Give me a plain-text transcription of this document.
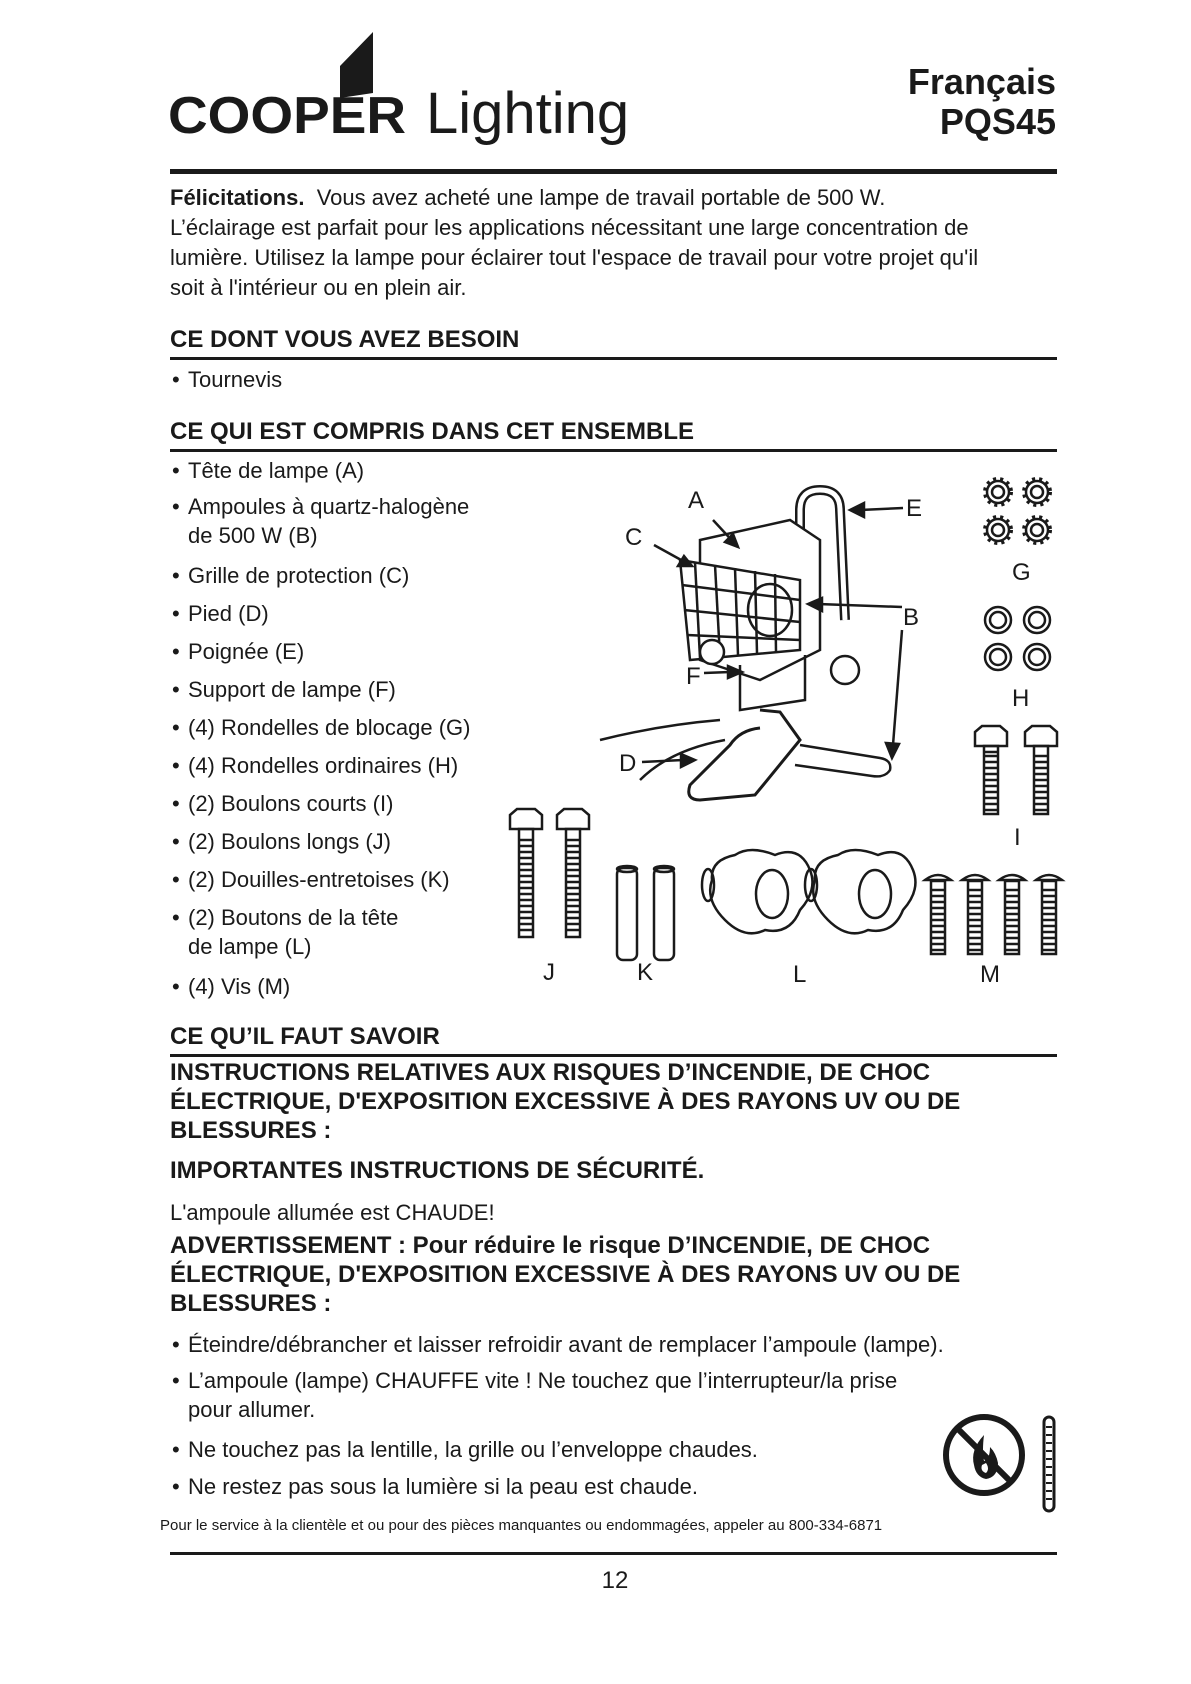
COOPER Lighting	Français
PQS45
Félicitations. Vous avez acheté une lampe de travail portable de 500 W.
L’éclairage est parfait pour les applications nécessitant une large concentration de
lumière. Utilisez la lampe pour éclairer tout l'espace de travail pour votre projet qu'il
soit à l'intérieur ou en plein air.
CE DONT VOUS AVEZ BESOIN
• Tournevis
CE QUI EST COMPRIS DANS CET ENSEMBLE
• Tête de lampe (A)
• Ampoules à quartz-halogène
de 500 W (B)
• Grille de protection (C)
• Pied (D)
• Poignée (E)
• Support de lampe (F)
• (4) Rondelles de blocage (G)
• (4) Rondelles ordinaires (H)
• (2) Boulons courts (I)
• (2) Boulons longs (J)
• (2) Douilles-entretoises (K)
• (2) Boutons de la tête
de lampe (L)
• (4) Vis (M)
A
C
E
B
F
D
G
H
I
J	K	L	M
CE QU’IL FAUT SAVOIR
INSTRUCTIONS RELATIVES AUX RISQUES D’INCENDIE, DE CHOC
ÉLECTRIQUE, D'EXPOSITION EXCESSIVE À DES RAYONS UV OU DE
BLESSURES :
IMPORTANTES INSTRUCTIONS DE SÉCURITÉ.
L'ampoule allumée est CHAUDE!
ADVERTISSEMENT : Pour réduire le risque D’INCENDIE, DE CHOC
ÉLECTRIQUE, D'EXPOSITION EXCESSIVE À DES RAYONS UV OU DE
BLESSURES :
• Éteindre/débrancher et laisser refroidir avant de remplacer l’ampoule (lampe).
• L’ampoule (lampe) CHAUFFE vite ! Ne touchez que l’interrupteur/la prise
pour allumer.
• Ne touchez pas la lentille, la grille ou l’enveloppe chaudes.
• Ne restez pas sous la lumière si la peau est chaude.
Pour le service à la clientèle et ou pour des pièces manquantes ou endommagées, appeler au 800-334-6871
12
